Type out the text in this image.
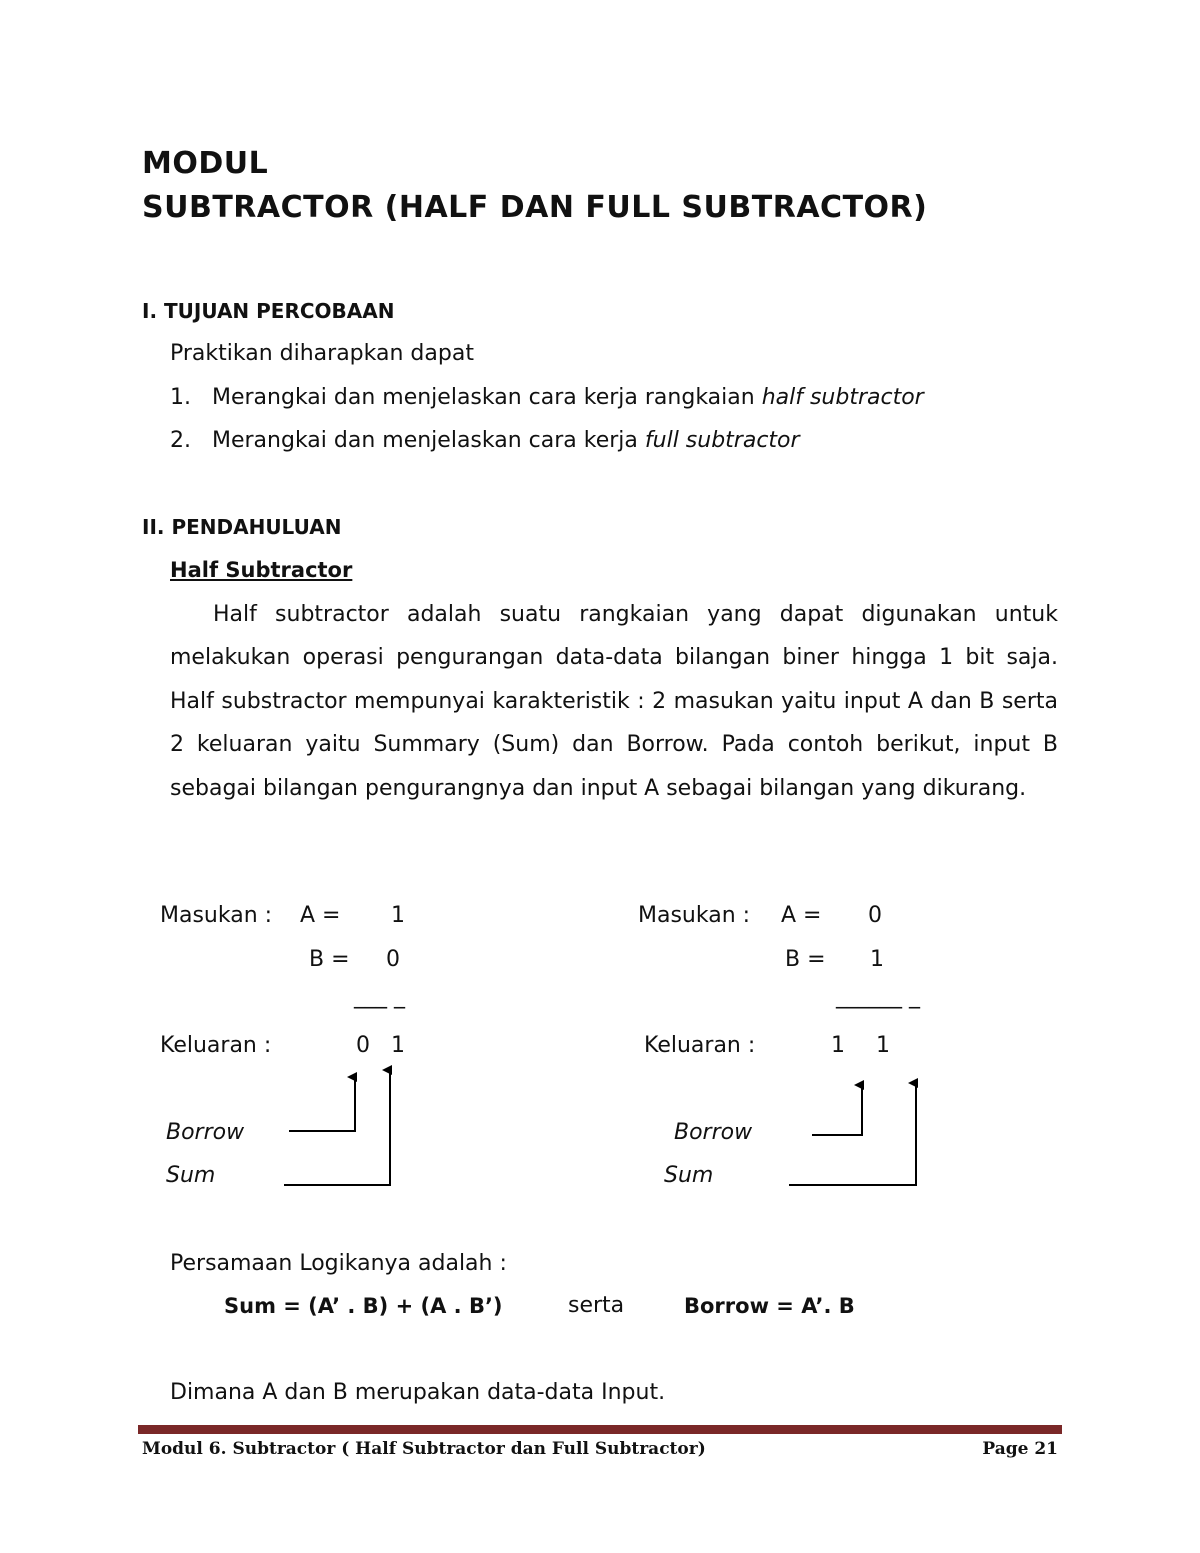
MODUL
SUBTRACTOR (HALF DAN FULL SUBTRACTOR)
I. TUJUAN PERCOBAAN
Praktikan diharapkan dapat
1. Merangkai dan menjelaskan cara kerja rangkaian half subtractor
2. Merangkai dan menjelaskan cara kerja full subtractor
II. PENDAHULUAN
Half Subtractor
Half subtractor adalah suatu rangkaian yang dapat digunakan untuk melakukan operasi pengurangan data-data bilangan biner hingga 1 bit saja. Half substractor mempunyai karakteristik : 2 masukan yaitu input A dan B serta 2 keluaran yaitu Summary (Sum) dan Borrow. Pada contoh berikut, input B sebagai bilangan pengurangnya dan input A sebagai bilangan yang dikurang.
Masukan : A = 1
B = 0
___ _
Keluaran :	0 1
Borrow
Sum
Masukan : A = 0
B = 1
______ _
Keluaran :	1 1
Borrow
Sum
Persamaan Logikanya adalah :
Sum = (A’ . B) + (A . B’)	serta	Borrow = A’. B
Dimana A dan B merupakan data-data Input.
Modul 6. Subtractor ( Half Subtractor dan Full Subtractor)	Page 21
